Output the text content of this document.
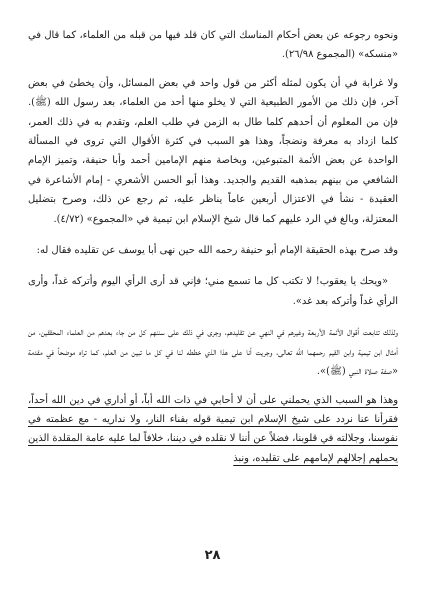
ونحوه رجوعه عن بعض أحكام المناسك التي كان قلد فيها من قبله من العلماء، كما قال في «منسكه» (المجموع ٢٦/٩٨).

ولا غرابة في أن يكون لمثله أكثر من قول واحد في بعض المسائل، وأن يخطئ في بعض آخر، فإن ذلك من الأمور الطبيعية التي لا يخلو منها أحد من العلماء، بعد رسول الله (ﷺ). فإن من المعلوم أن أحدهم كلما طال به الزمن في طلب العلم، وتقدم به في ذلك العمر، كلما ازداد به معرفة ونضجاً، وهذا هو السبب في كثرة الأقوال التي تروى في المسألة الواحدة عن بعض الأئمة المتبوعين، وبخاصة منهم الإمامين أحمد وأبا حنيفة، وتميز الإمام الشافعي من بينهم بمذهبه القديم والجديد. وهذا أبو الحسن الأشعري - إمام الأشاعرة في العقيدة - نشأ في الاعتزال أربعين عاماً يناظر عليه، ثم رجع عن ذلك، وصرح بتضليل المعتزلة، وبالغ في الرد عليهم كما قال شيخ الإسلام ابن تيمية في «المجموع» (٤/٧٢).

وقد صرح بهذه الحقيقة الإمام أبو حنيفة رحمه الله حين نهى أبا يوسف عن تقليده فقال له:

«ويحك يا يعقوب! لا تكتب كل ما تسمع مني؛ فإني قد أرى الرأي اليوم وأتركه غداً، وأرى الرأي غداً وأتركه بعد غد».

ولذلك تتابعت أقوال الأئمة الأربعة وغيرهم في النهي عن تقليدهم، وجرى في ذلك على سننهم كل من جاء بعدهم من العلماء المحققين، من أمثال ابن تيمية وابن القيم رحمهما الله تعالى، وجريت أنا على هذا الذي خططه لنا في كل ما تبين من العلم، كما تراه موضحاً في مقدمة «صفة صلاة النبي (ﷺ)».

وهذا هو السبب الذي يحملني على أن لا أحابي في ذات الله أباً، أو أداري في دين الله أحداً، فقرأنا عنا نردد على شيخ الإسلام ابن تيمية قوله بفناء النار، ولا نداريه - مع عظمته في نفوسنا، وجلالته في قلوبنا، فضلاً عن أننا لا نقلده في ديننا، خلافاً لما عليه عامة المقلدة الذين يحملهم إجلالهم لإمامهم على تقليده، ونبذ

٢٨
